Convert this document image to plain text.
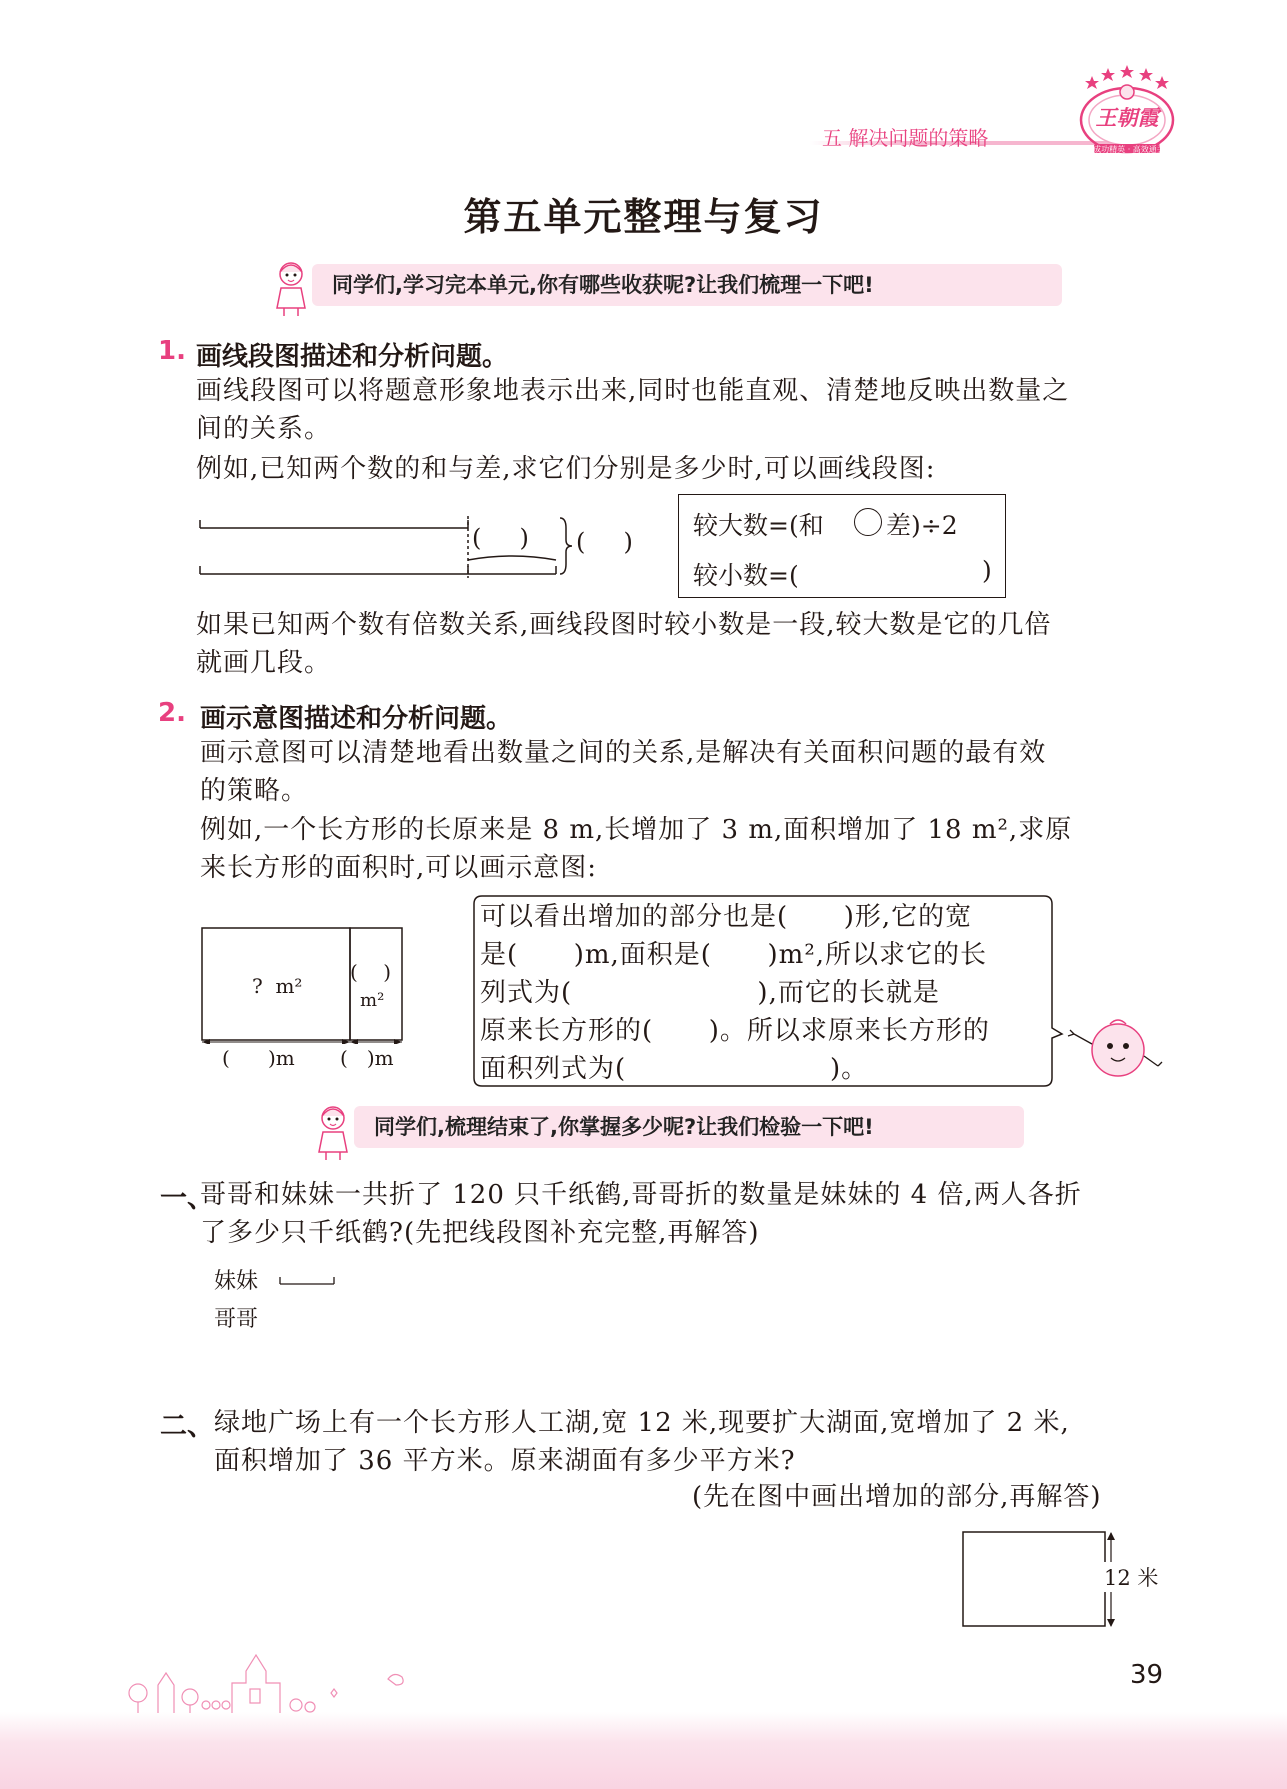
五 解决问题的策略
王朝霞
成功精英 · 高效通关
第五单元整理与复习
同学们,学习完本单元,你有哪些收获呢?让我们梳理一下吧!
1. 画线段图描述和分析问题。
画线段图可以将题意形象地表示出来,同时也能直观、清楚地反映出数量之
间的关系。
例如,已知两个数的和与差,求它们分别是多少时,可以画线段图:
(     ) (     )
较大数=(和 差)÷2
较小数=(	)
如果已知两个数有倍数关系,画线段图时较小数是一段,较大数是它的几倍
就画几段。
2. 画示意图描述和分析问题。
画示意图可以清楚地看出数量之间的关系,是解决有关面积问题的最有效
的策略。
例如,一个长方形的长原来是 8 m,长增加了 3 m,面积增加了 18 m²,求原
来长方形的面积时,可以画示意图:
?  m²
(    )
m²
(      )m (   )m
可以看出增加的部分也是(      )形,它的宽
是(      )m,面积是(      )m²,所以求它的长
列式为(                    ),而它的长就是
原来长方形的(      )。所以求原来长方形的
面积列式为(                      )。
同学们,梳理结束了,你掌握多少呢?让我们检验一下吧!
一、
哥哥和妹妹一共折了 120 只千纸鹤,哥哥折的数量是妹妹的 4 倍,两人各折
了多少只千纸鹤?(先把线段图补充完整,再解答)
妹妹
哥哥
二、 绿地广场上有一个长方形人工湖,宽 12 米,现要扩大湖面,宽增加了 2 米,
面积增加了 36 平方米。原来湖面有多少平方米?
(先在图中画出增加的部分,再解答)
12 米
39
